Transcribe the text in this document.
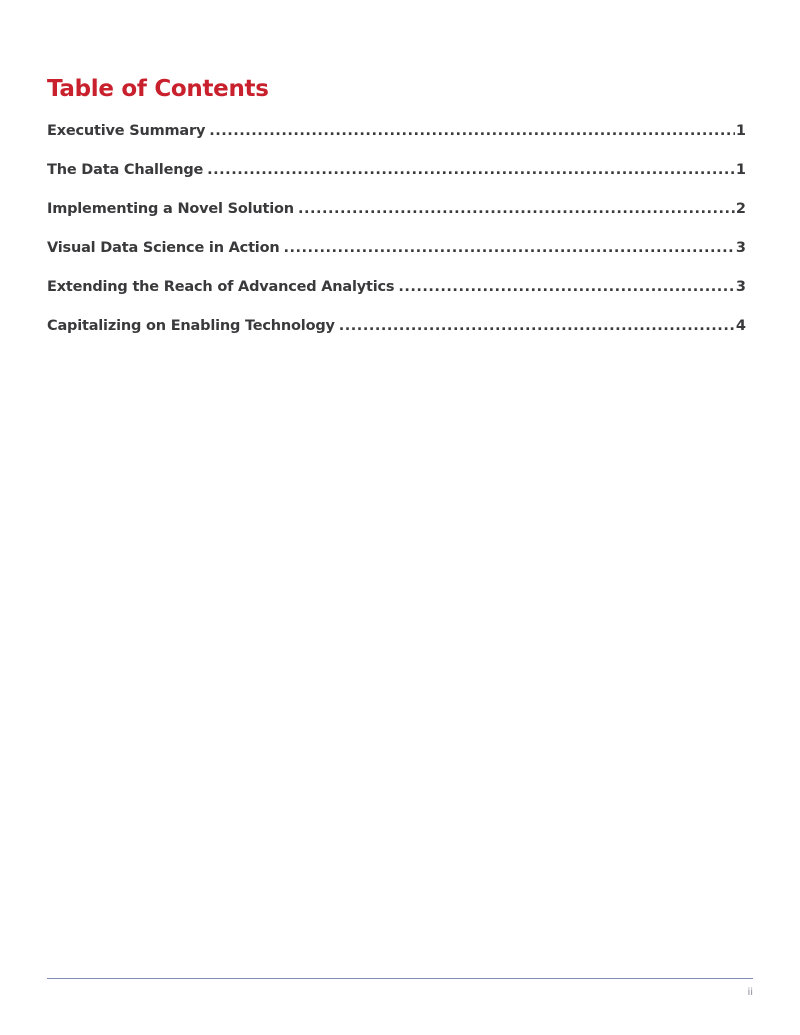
Table of Contents
Executive Summary .....	1
The Data Challenge .....	1
Implementing a Novel Solution .....	2
Visual Data Science in Action .....	3
Extending the Reach of Advanced Analytics .....	3
Capitalizing on Enabling Technology .....	4
ii
